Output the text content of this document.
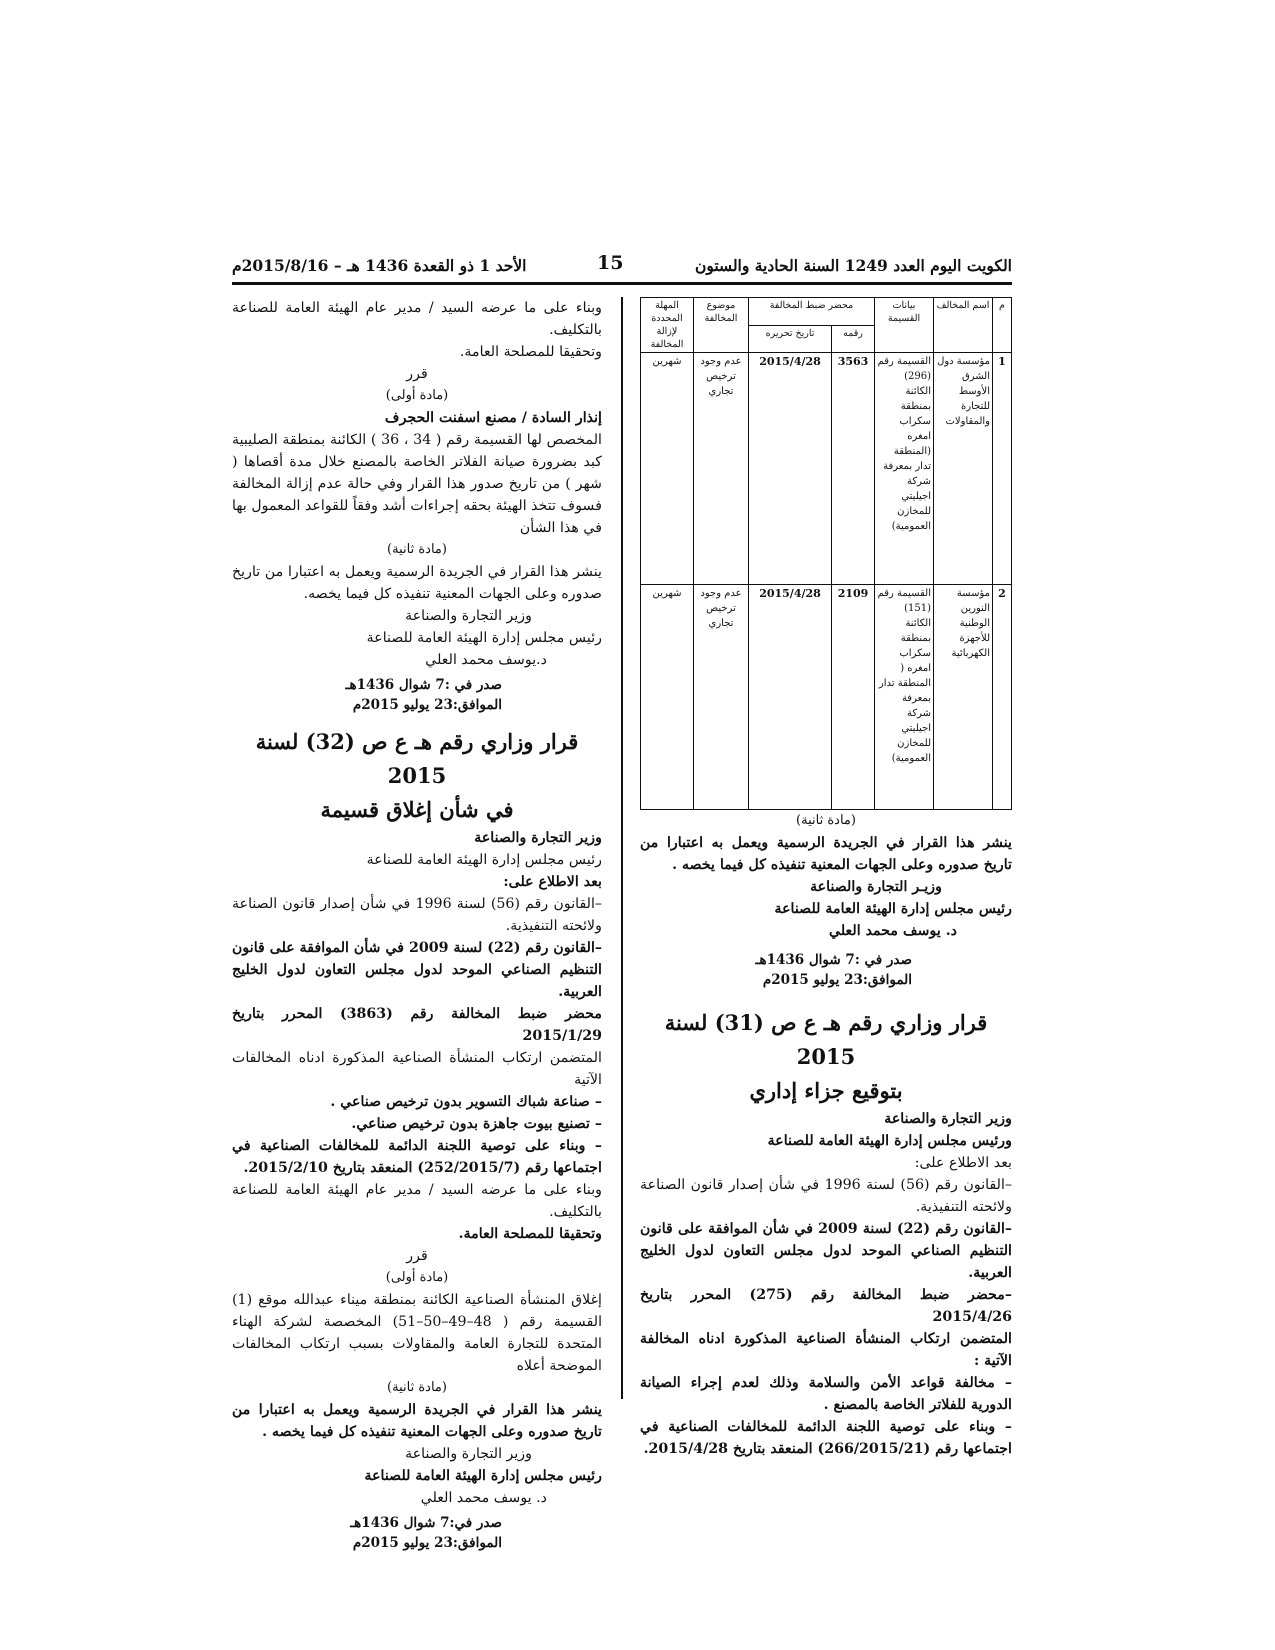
الكويت اليوم العدد 1249 السنة الحادية والستون
15
الأحد 1 ذو القعدة 1436 هـ – 2015/8/16م
م	اسم المخالف	بيانات القسيمة	محضر ضبط المخالفة		موضوع المخالفة	المهلة المحددة لإزالة المخالفة
			رقمه	تاريخ تحريره		
1	مؤسسة دول الشرق الأوسط للتجارة والمقاولات	القسيمة رقم (296) الكائنة بمنطقة سكراب امغره (المنطقة تدار بمعرفة شركة اجيليتي للمخازن العمومية)	3563	2015/4/28	عدم وجود ترخيص تجاري	شهرين
2	مؤسسة النورين الوطنية للأجهزة الكهربائية	القسيمة رقم (151) الكائنة بمنطقة سكراب امغره ( المنطقة تدار بمعرفة شركة اجيليتي للمخازن العمومية)	2109	2015/4/28	عدم وجود ترخيص تجاري	شهرين

(مادة ثانية)

ينشر هذا القرار في الجريدة الرسمية ويعمل به اعتبارا من تاريخ صدوره وعلى الجهات المعنية تنفيذه كل فيما يخصه .

وزيـر التجارة والصناعة

رئيس مجلس إدارة الهيئة العامة للصناعة

د. يوسف محمد العلي

صدر في :7 شوال 1436هـ

الموافق:23 يوليو 2015م

قرار وزاري رقم هـ ع ص (31) لسنة 2015

بتوقيع جزاء إداري

وزير التجارة والصناعة

ورئيس مجلس إدارة الهيئة العامة للصناعة

بعد الاطلاع على:

–القانون رقم (56) لسنة 1996 في شأن إصدار قانون الصناعة ولائحته التنفيذية.

–القانون رقم (22) لسنة 2009 في شأن الموافقة على قانون التنظيم الصناعي الموحد لدول مجلس التعاون لدول الخليج العربية.

–محضر ضبط المخالفة رقم (275) المحرر بتاريخ 2015/4/26

المتضمن ارتكاب المنشأة الصناعية المذكورة ادناه المخالفة الآتية :

– مخالفة قواعد الأمن والسلامة وذلك لعدم إجراء الصيانة الدورية للفلاتر الخاصة بالمصنع .

– وبناء على توصية اللجنة الدائمة للمخالفات الصناعية في اجتماعها رقم (266/2015/21) المنعقد بتاريخ 2015/4/28.

وبناء على ما عرضه السيد / مدير عام الهيئة العامة للصناعة بالتكليف.

وتحقيقا للمصلحة العامة.

قرر

(مادة أولى)

إنذار السادة / مصنع اسفنت الحجرف

المخصص لها القسيمة رقم ( 34 ، 36 ) الكائنة بمنطقة الصليبية كبد بضرورة صيانة الفلاتر الخاصة بالمصنع خلال مدة أقصاها ( شهر ) من تاريخ صدور هذا القرار وفي حالة عدم إزالة المخالفة فسوف تتخذ الهيئة بحقه إجراءات أشد وفقاً للقواعد المعمول بها في هذا الشأن

(مادة ثانية)

ينشر هذا القرار في الجريدة الرسمية ويعمل به اعتبارا من تاريخ صدوره وعلى الجهات المعنية تنفيذه كل فيما يخصه.

وزير التجارة والصناعة

رئيس مجلس إدارة الهيئة العامة للصناعة

د.يوسف محمد العلي

صدر في :7 شوال 1436هـ

الموافق:23 يوليو 2015م

قرار وزاري رقم هـ ع ص (32) لسنة 2015

في شأن إغلاق قسيمة

وزير التجارة والصناعة

رئيس مجلس إدارة الهيئة العامة للصناعة

بعد الاطلاع على:

–القانون رقم (56) لسنة 1996 في شأن إصدار قانون الصناعة ولائحته التنفيذية.

–القانون رقم (22) لسنة 2009 في شأن الموافقة على قانون التنظيم الصناعي الموحد لدول مجلس التعاون لدول الخليج العربية.

محضر ضبط المخالفة رقم (3863) المحرر بتاريخ 2015/1/29

المتضمن ارتكاب المنشأة الصناعية المذكورة ادناه المخالفات الآتية

– صناعة شباك التسوير بدون ترخيص صناعي .

– تصنيع بيوت جاهزة بدون ترخيص صناعي.

– وبناء على توصية اللجنة الدائمة للمخالفات الصناعية في اجتماعها رقم (252/2015/7) المنعقد بتاريخ 2015/2/10.

وبناء على ما عرضه السيد / مدير عام الهيئة العامة للصناعة بالتكليف.

وتحقيقا للمصلحة العامة.

قرر

(مادة أولى)

إغلاق المنشأة الصناعية الكائنة بمنطقة ميناء عبدالله موقع (1) القسيمة رقم ( 48–49–50–51) المخصصة لشركة الهناء المتحدة للتجارة العامة والمقاولات بسبب ارتكاب المخالفات الموضحة أعلاه

(مادة ثانية)

ينشر هذا القرار في الجريدة الرسمية ويعمل به اعتبارا من تاريخ صدوره وعلى الجهات المعنية تنفيذه كل فيما يخصه .

وزير التجارة والصناعة

رئيس مجلس إدارة الهيئة العامة للصناعة

د. يوسف محمد العلي

صدر في:7 شوال 1436هـ

الموافق:23 يوليو 2015م
